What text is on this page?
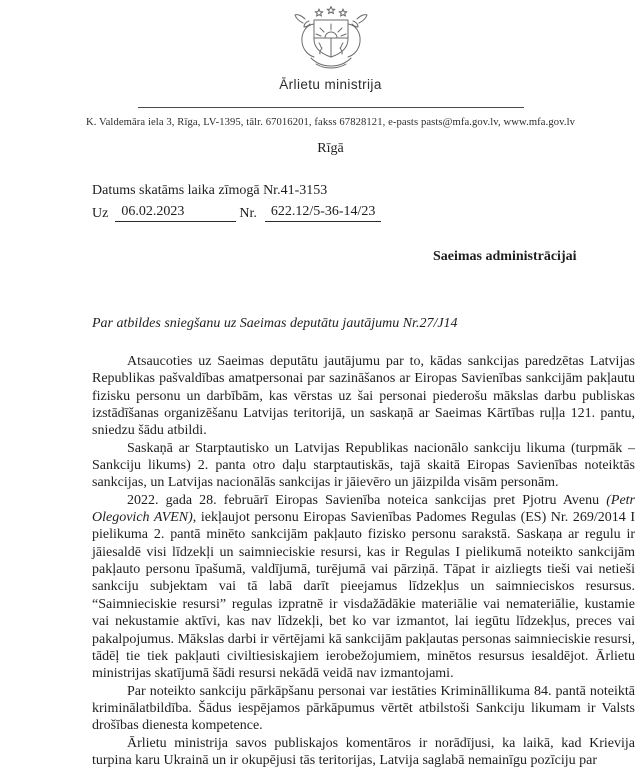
Ārlietu ministrija
K. Valdemāra iela 3, Rīga, LV-1395, tālr. 67016201, fakss 67828121, e-pasts pasts@mfa.gov.lv, www.mfa.gov.lv
Rīgā
Datums skatāms laika zīmogā Nr.41-3153
Uz 06.02.2023	Nr. 622.12/5-36-14/23
Saeimas administrācijai
Par atbildes sniegšanu uz Saeimas deputātu jautājumu Nr.27/J14

Atsaucoties uz Saeimas deputātu jautājumu par to, kādas sankcijas paredzētas Latvijas Republikas pašvaldības amatpersonai par sazināšanos ar Eiropas Savienības sankcijām pakļautu fizisku personu un darbībām, kas vērstas uz šai personai piederošu mākslas darbu publiskas izstādīšanas organizēšanu Latvijas teritorijā, un saskaņā ar Saeimas Kārtības ruļļa 121. pantu, sniedzu šādu atbildi.

Saskaņā ar Starptautisko un Latvijas Republikas nacionālo sankciju likuma (turpmāk – Sankciju likums) 2. panta otro daļu starptautiskās, tajā skaitā Eiropas Savienības noteiktās sankcijas, un Latvijas nacionālās sankcijas ir jāievēro un jāizpilda visām personām.

2022. gada 28. februārī Eiropas Savienība noteica sankcijas pret Pjotru Avenu (Petr Olegovich AVEN), iekļaujot personu Eiropas Savienības Padomes Regulas (ES) Nr. 269/2014 I pielikuma 2. pantā minēto sankcijām pakļauto fizisko personu sarakstā. Saskaņa ar regulu ir jāiesaldē visi līdzekļi un saimnieciskie resursi, kas ir Regulas I pielikumā noteikto sankcijām pakļauto personu īpašumā, valdījumā, turējumā vai pārziņā. Tāpat ir aizliegts tieši vai netieši sankciju subjektam vai tā labā darīt pieejamus līdzekļus un saimnieciskos resursus. “Saimnieciskie resursi” regulas izpratnē ir visdažādākie materiālie vai nemateriālie, kustamie vai nekustamie aktīvi, kas nav līdzekļi, bet ko var izmantot, lai iegūtu līdzekļus, preces vai pakalpojumus. Mākslas darbi ir vērtējami kā sankcijām pakļautas personas saimnieciskie resursi, tādēļ tie tiek pakļauti civiltiesiskajiem ierobežojumiem, minētos resursus iesaldējot. Ārlietu ministrijas skatījumā šādi resursi nekādā veidā nav izmantojami.

Par noteikto sankciju pārkāpšanu personai var iestāties Krimināllikuma 84. pantā noteiktā kriminālatbildība. Šādus iespējamos pārkāpumus vērtēt atbilstoši Sankciju likumam ir Valsts drošības dienesta kompetence.

Ārlietu ministrija savos publiskajos komentāros ir norādījusi, ka laikā, kad Krievija turpina karu Ukrainā un ir okupējusi tās teritorijas, Latvija saglabā nemainīgu pozīciju par
